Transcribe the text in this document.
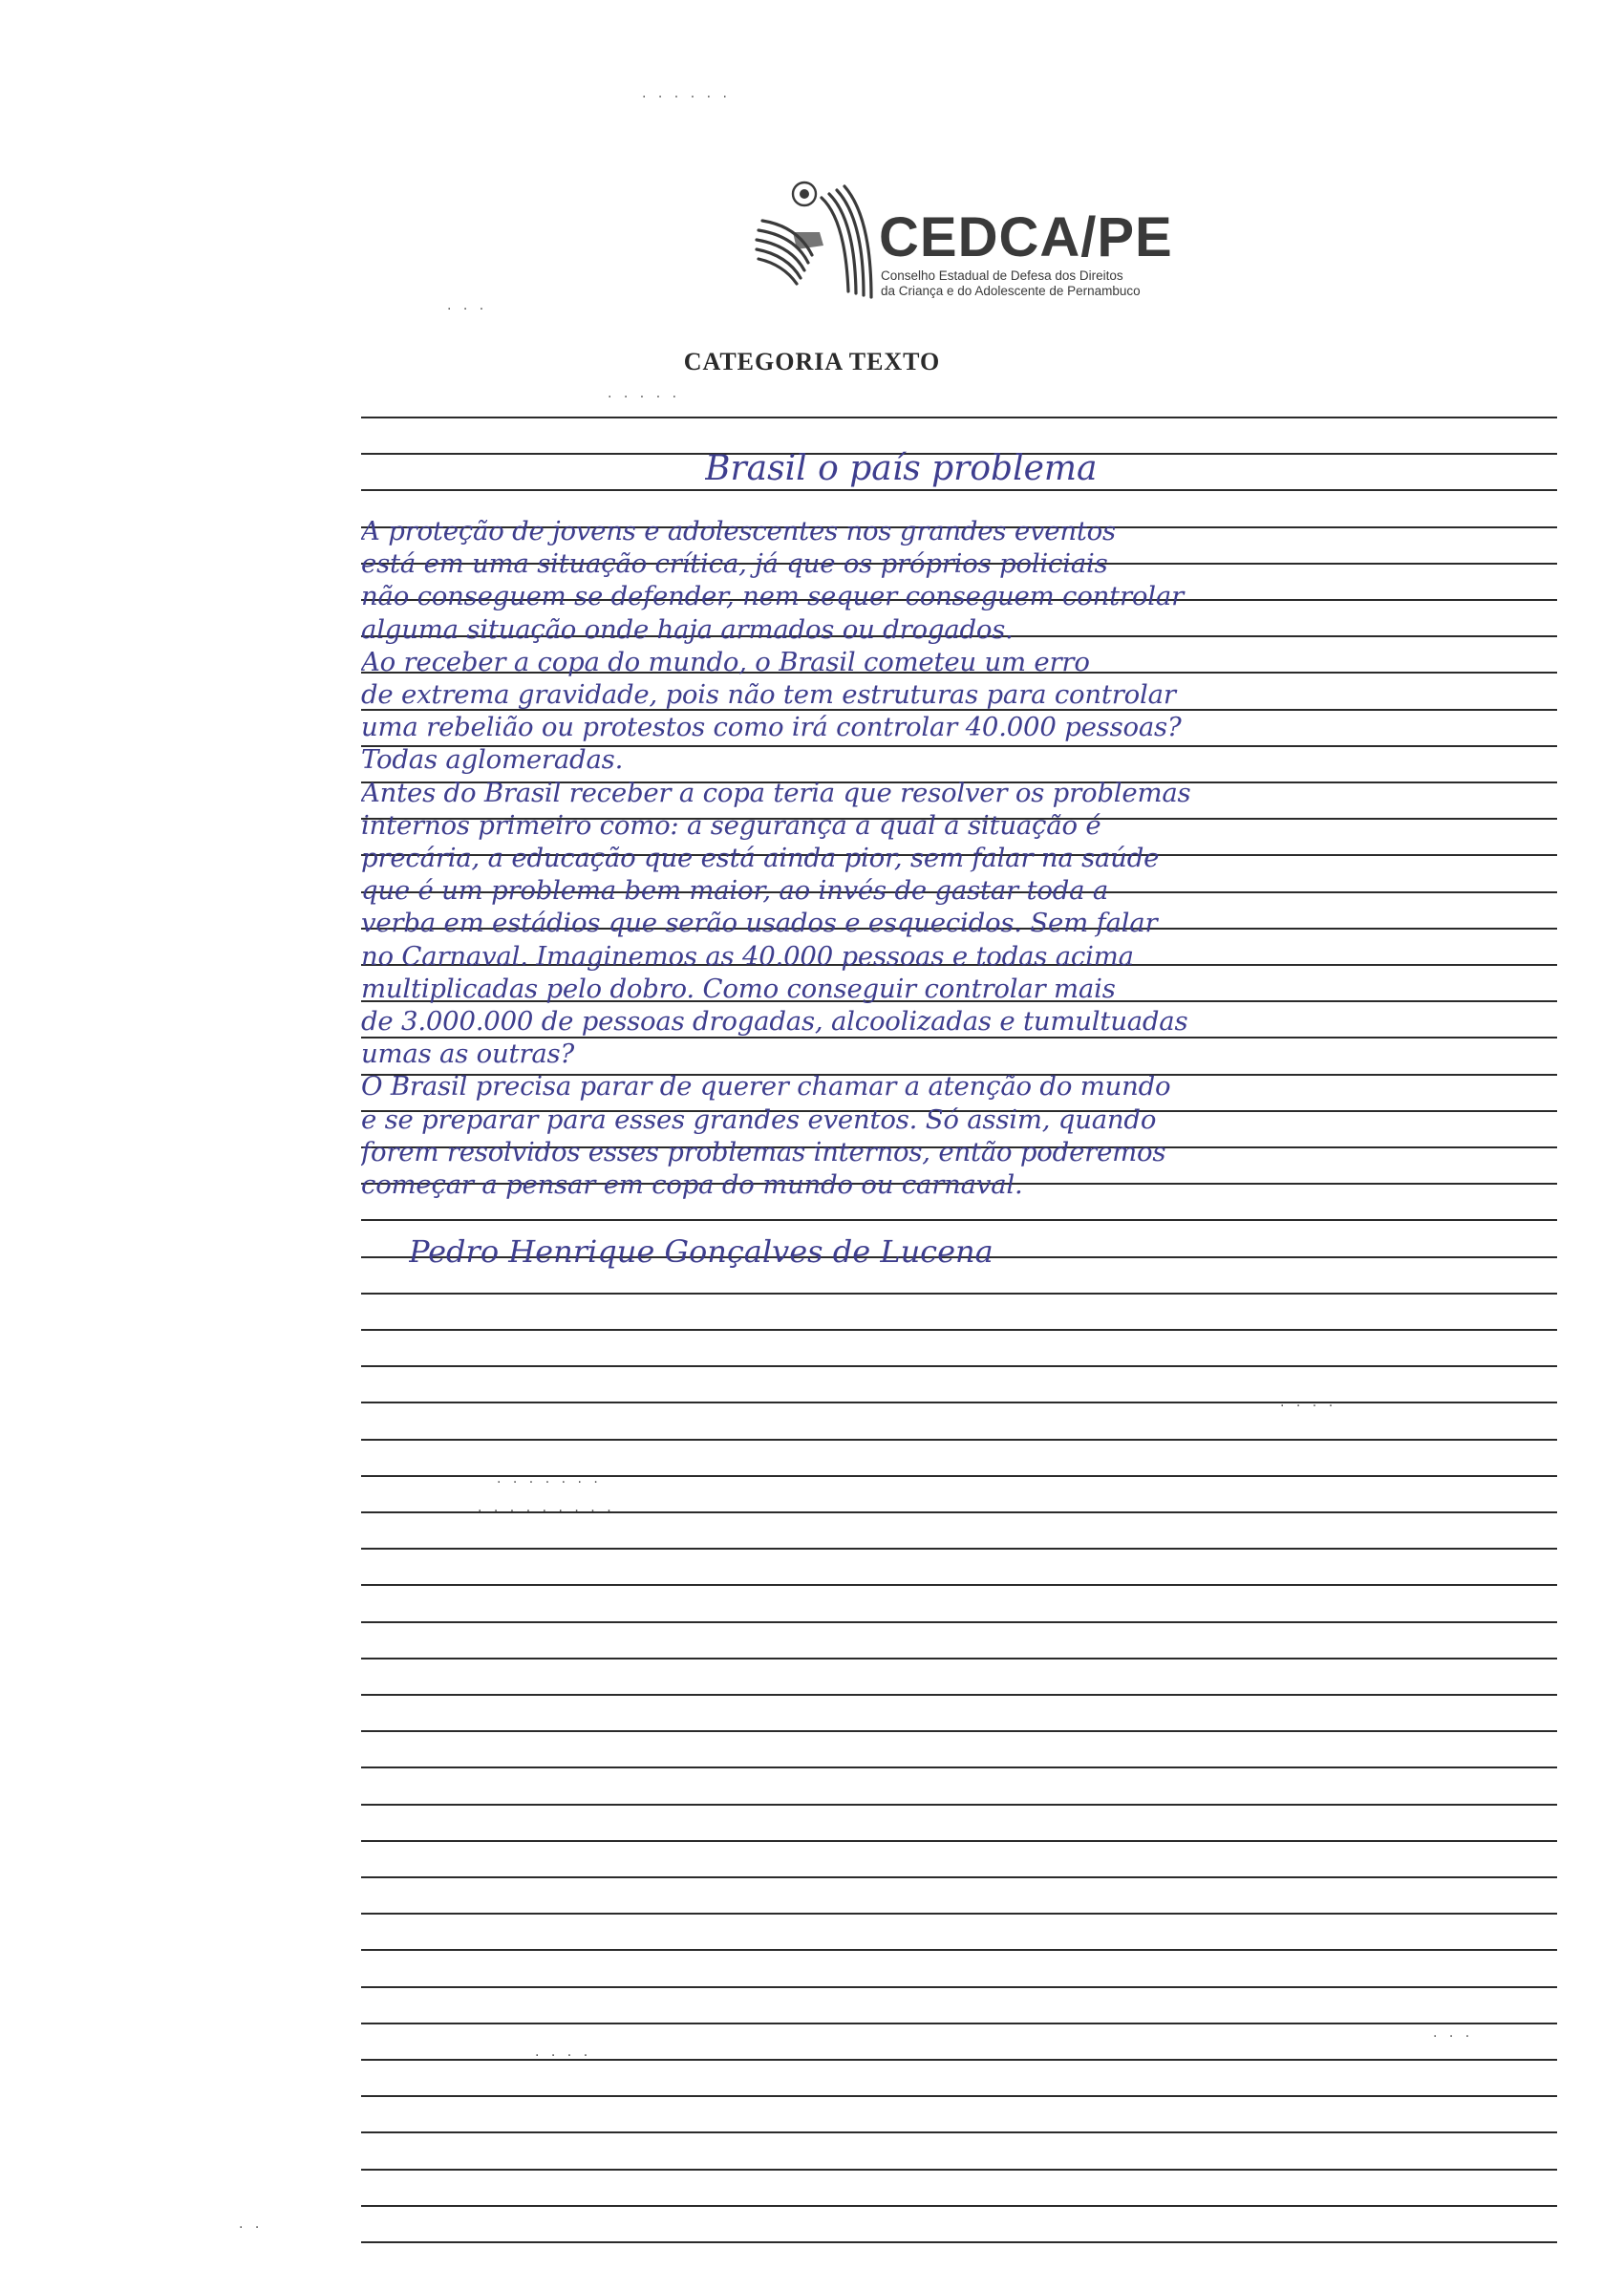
CEDCA/PE
Conselho Estadual de Defesa dos Direitos
da Criança e do Adolescente de Pernambuco
CATEGORIA TEXTO
Brasil o país problema
A proteção de jovens e adolescentes nos grandes eventos
está em uma situação crítica, já que os próprios policiais
não conseguem se defender, nem sequer conseguem controlar
alguma situação onde haja armados ou drogados.
Ao receber a copa do mundo, o Brasil cometeu um erro
de extrema gravidade, pois não tem estruturas para controlar
uma rebelião ou protestos como irá controlar 40.000 pessoas?
Todas aglomeradas.
Antes do Brasil receber a copa teria que resolver os problemas
internos primeiro como: a segurança a qual a situação é
precária, a educação que está ainda pior, sem falar na saúde
que é um problema bem maior, ao invés de gastar toda a
verba em estádios que serão usados e esquecidos. Sem falar
no Carnaval. Imaginemos as 40.000 pessoas e todas acima
multiplicadas pelo dobro. Como conseguir controlar mais
de 3.000.000 de pessoas drogadas, alcoolizadas e tumultuadas
umas as outras?
O Brasil precisa parar de querer chamar a atenção do mundo
e se preparar para esses grandes eventos. Só assim, quando
forem resolvidos esses problemas internos, então poderemos
começar a pensar em copa do mundo ou carnaval.
Pedro Henrique Gonçalves de Lucena
. . . . . .
. . .
. . . . .
. . . .
. . . . . . .
. . . . . . . . .
. . . .
. . .
. .
